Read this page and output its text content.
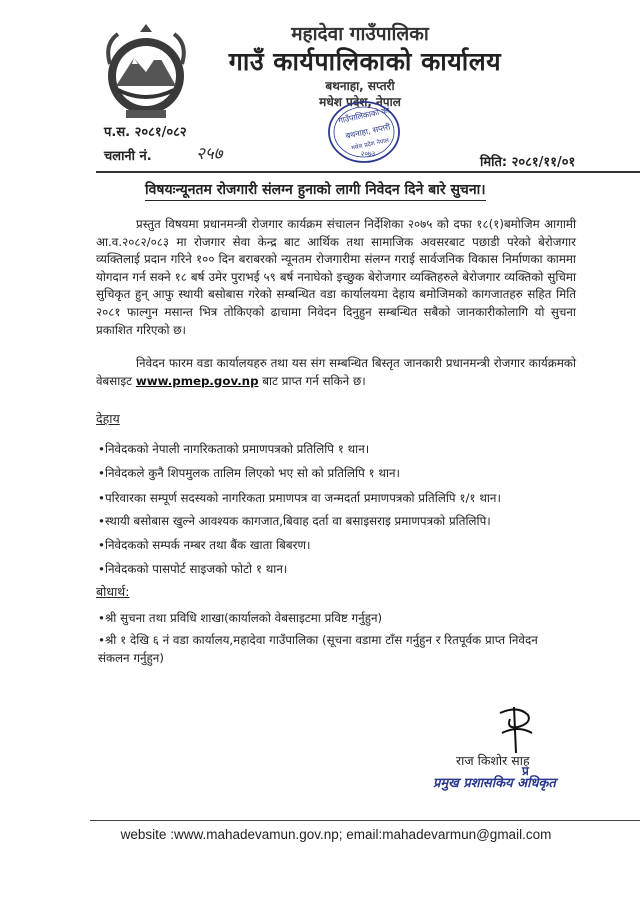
महादेवा गाउँपालिका
गाउँ कार्यपालिकाको कार्यालय
बथनाहा, सप्तरी
मधेश प्रदेश, नेपाल
गाउँपालिकाको का
बथनाहा, सप्तरी
मधेश प्रदेश नेपाल
२०७३
प.स. २०८१/०८२
चलानी नं.	२५७	मिति: २०८१/११/०१
विषयःन्यूनतम रोजगारी संलग्न हुनाको लागी निवेदन दिने बारे सुचना।
प्रस्तुत विषयमा प्रधानमन्त्री रोजगार कार्यक्रम संचालन निर्देशिका २०७५ को दफा १८(१)बमोजिम आगामी आ.व.२०८२/०८३ मा रोजगार सेवा केन्द्र बाट आर्थिक तथा सामाजिक अवसरबाट पछाडी परेको बेरोजगार व्यक्तिलाई प्रदान गरिने १०० दिन बराबरको न्यूनतम रोजगारीमा संलग्न गराई सार्वजनिक विकास निर्माणका काममा योगदान गर्न सक्ने १८ बर्ष उमेर पुराभई ५९ बर्ष ननाघेको इच्छुक बेरोजगार व्यक्तिहरुले बेरोजगार व्यक्तिको सुचिमा सुचिकृत हुन् आफु स्थायी बसोबास गरेको सम्बन्धित वडा कार्यालयमा देहाय बमोजिमको कागजातहरु सहित मिति २०८१ फाल्गुन मसान्त भित्र तोकिएको ढाचामा निवेदन दिनुहुन सम्बन्धित सबैको जानकारीकोलागि यो सुचना प्रकाशित गरिएको छ।
निवेदन फारम वडा कार्यालयहरु तथा यस संग सम्बन्धित बिस्तृत जानकारी प्रधानमन्त्री रोजगार कार्यक्रमको वेबसाइट www.pmep.gov.np बाट प्राप्त गर्न सकिने छ।
देहाय
•निवेदकको नेपाली नागरिकताको प्रमाणपत्रको प्रतिलिपि १ थान।
•निवेदकले कुनै शिपमुलक तालिम लिएको भए सो को प्रतिलिपि १ थान।
•परिवारका सम्पूर्ण सदस्यको नागरिकता प्रमाणपत्र वा जन्मदर्ता प्रमाणपत्रको प्रतिलिपि १/१ थान।
•स्थायी बसोबास खुल्ने आवश्यक कागजात,बिवाह दर्ता वा बसाइसराइ प्रमाणपत्रको प्रतिलिपि।
•निवेदकको सम्पर्क नम्बर तथा बैंक खाता बिबरण।
•निवेदकको पासपोर्ट साइजको फोटो १ थान।
बोधार्थ:
•श्री सुचना तथा प्रविधि शाखा(कार्यालको वेबसाइटमा प्रविष्ट गर्नुहुन)
•श्री १ देखि ६ नं वडा कार्यालय,महादेवा गाउँपालिका (सूचना वडामा टाँस गर्नुहुन र रितपूर्वक प्राप्त निवेदन संकलन गर्नुहुन)
राज किशोर साह
प्र
प्रमुख प्रशासकिय अधिकृत
website :www.mahadevamun.gov.np; email:mahadevarmun@gmail.com
